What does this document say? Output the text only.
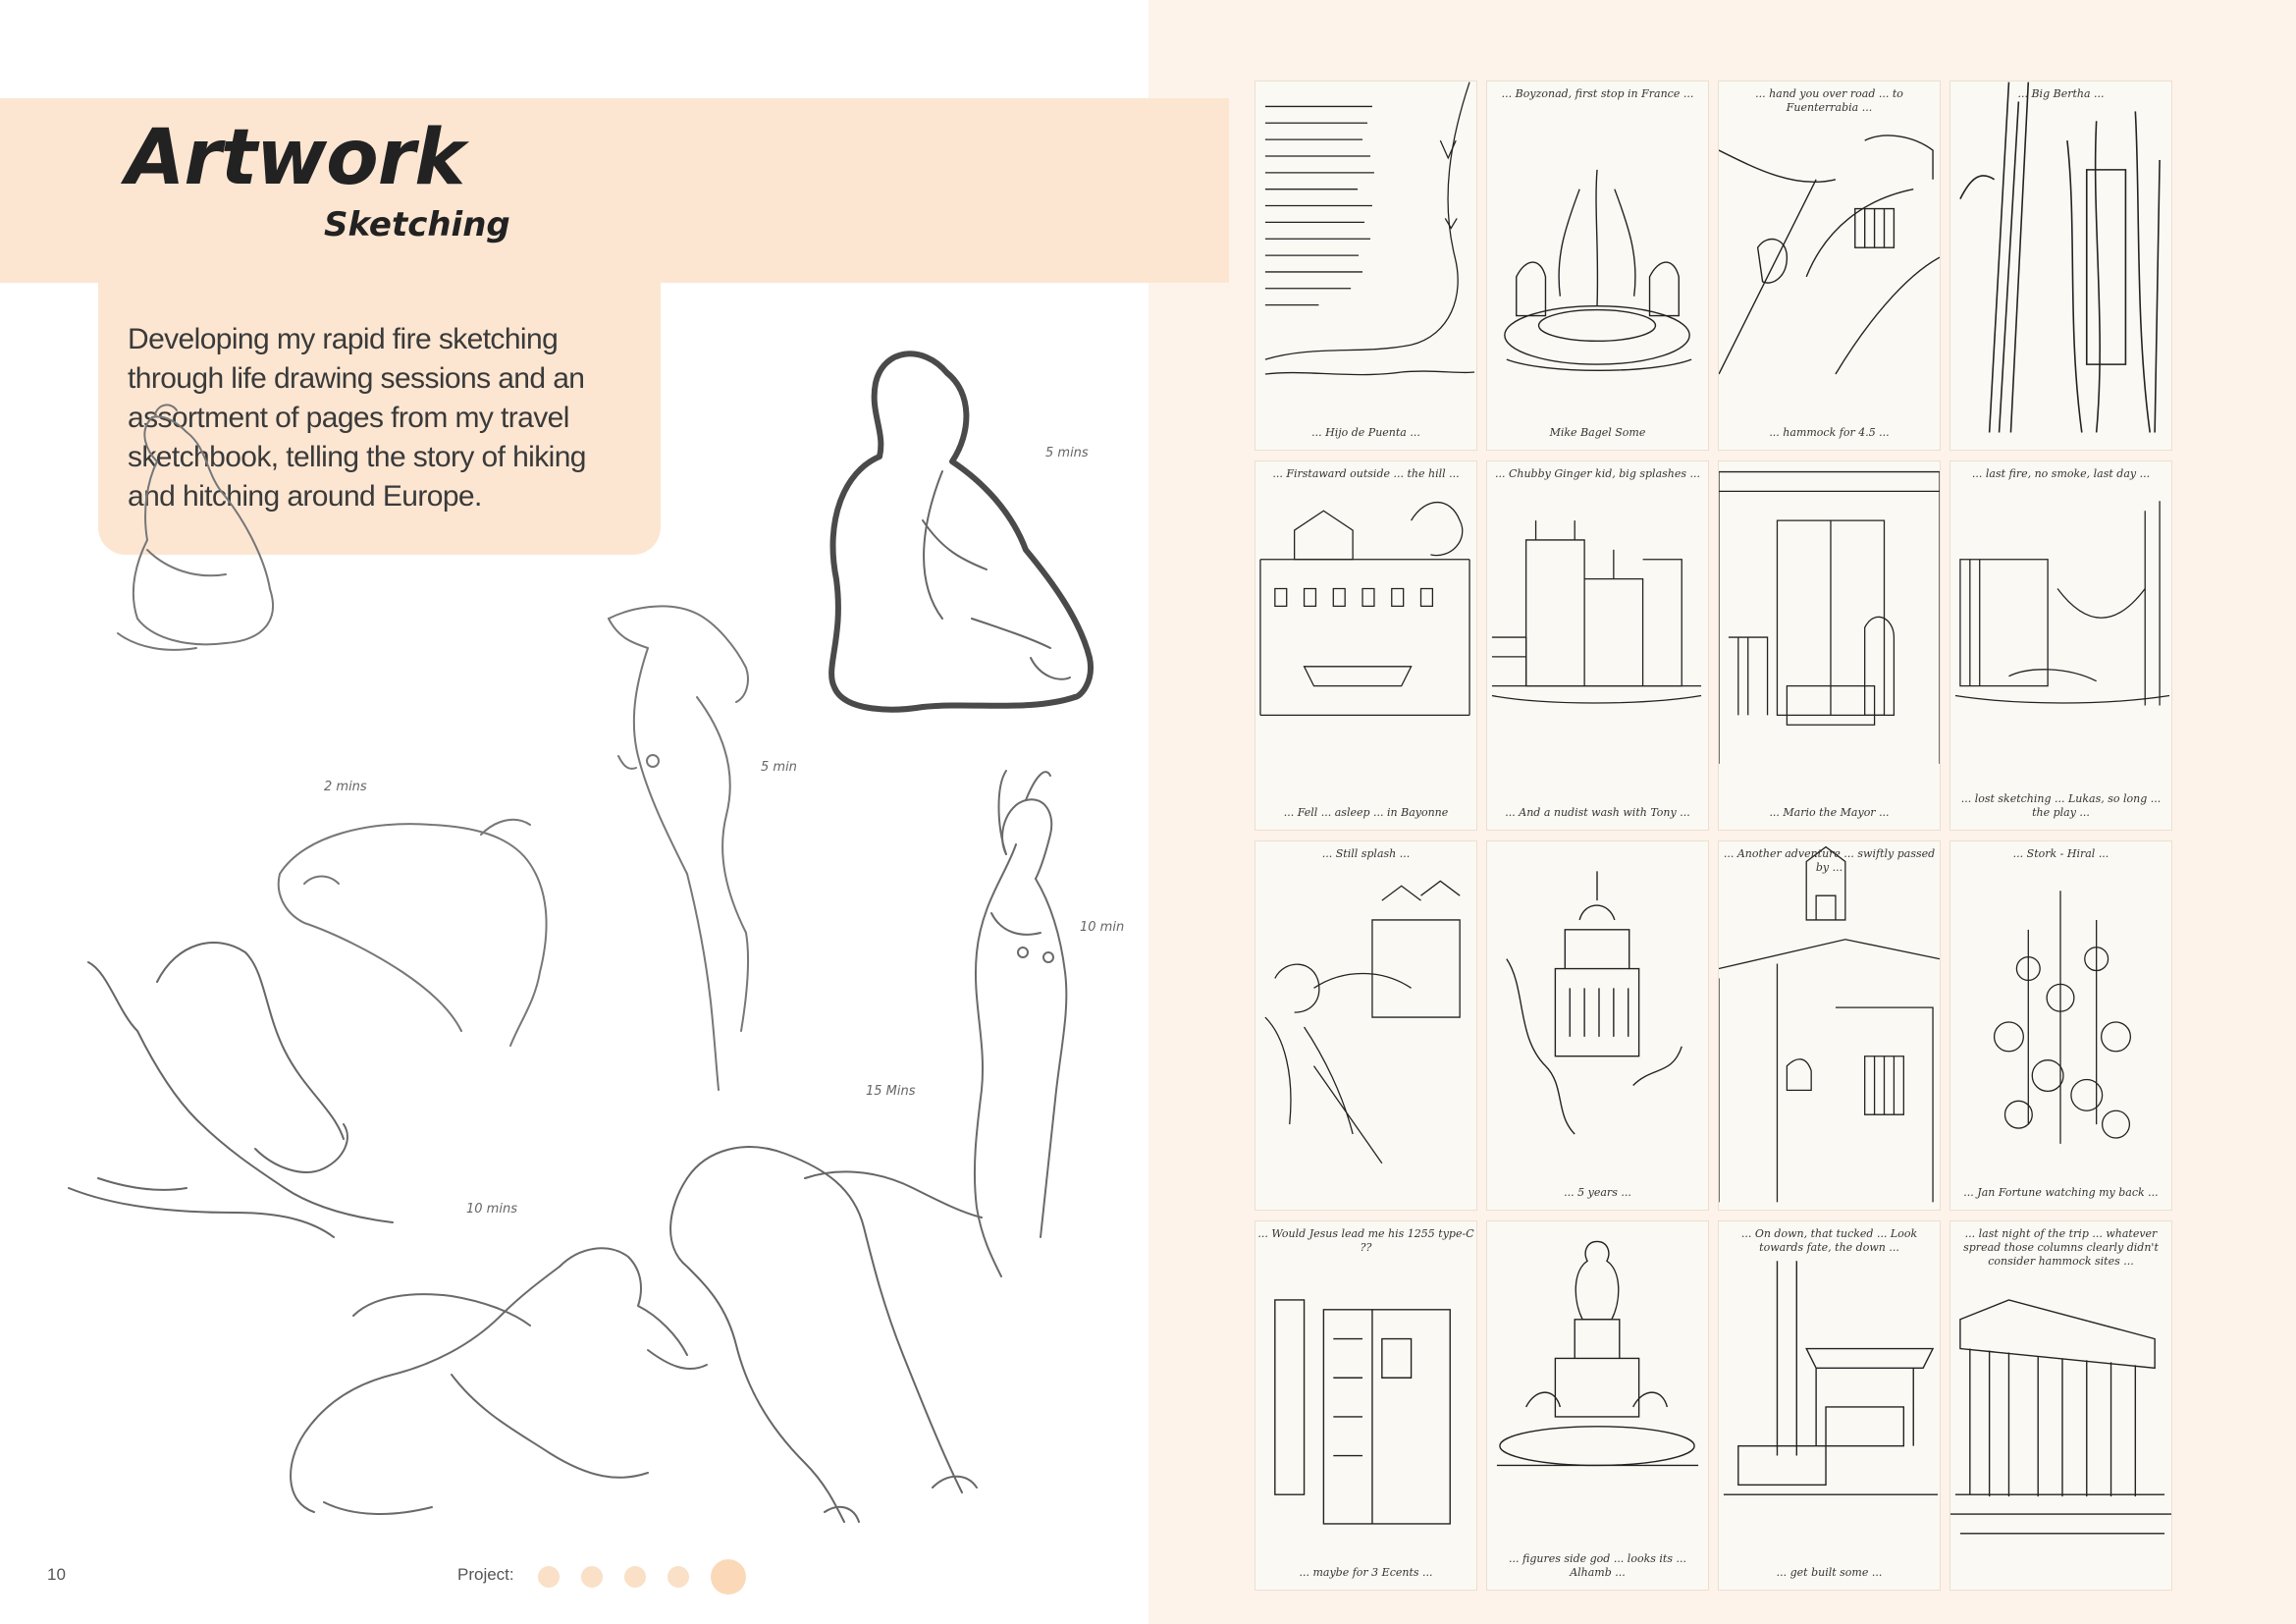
Artwork
Sketching

Developing my rapid fire sketching through life drawing sessions and an assortment of pages from my travel sketchbook, telling the story of hiking and hitching around Europe.

5 mins
5 min
2 mins
10 min
15 Mins
10 mins
... Hijo de Puenta ...
... Boyzonad, first stop in France ...
Mike Bagel Some
... hand you over road ... to Fuenterrabia ...
... hammock for 4.5 ...
... Big Bertha ...
... Firstaward outside ... the hill ...
... Fell ... asleep ... in Bayonne
... Chubby Ginger kid, big splashes ...
... And a nudist wash with Tony ...	... Mario the Mayor ...
... last fire, no smoke, last day ...
... lost sketching ... Lukas, so long ... the play ...
... Still splash ...
... 5 years ...
... Another adventure ... swiftly passed by ...
... Stork - Hiral ...
... Jan Fortune watching my back ...
... Would Jesus lead me his 1255 type-C ??
... maybe for 3 Ecents ...
... figures side god ... looks its ... Alhamb ...
... On down, that tucked ... Look towards fate, the down ...
... get built some ...
... last night of the trip ... whatever spread those columns clearly didn't consider hammock sites ...
10	Project:
